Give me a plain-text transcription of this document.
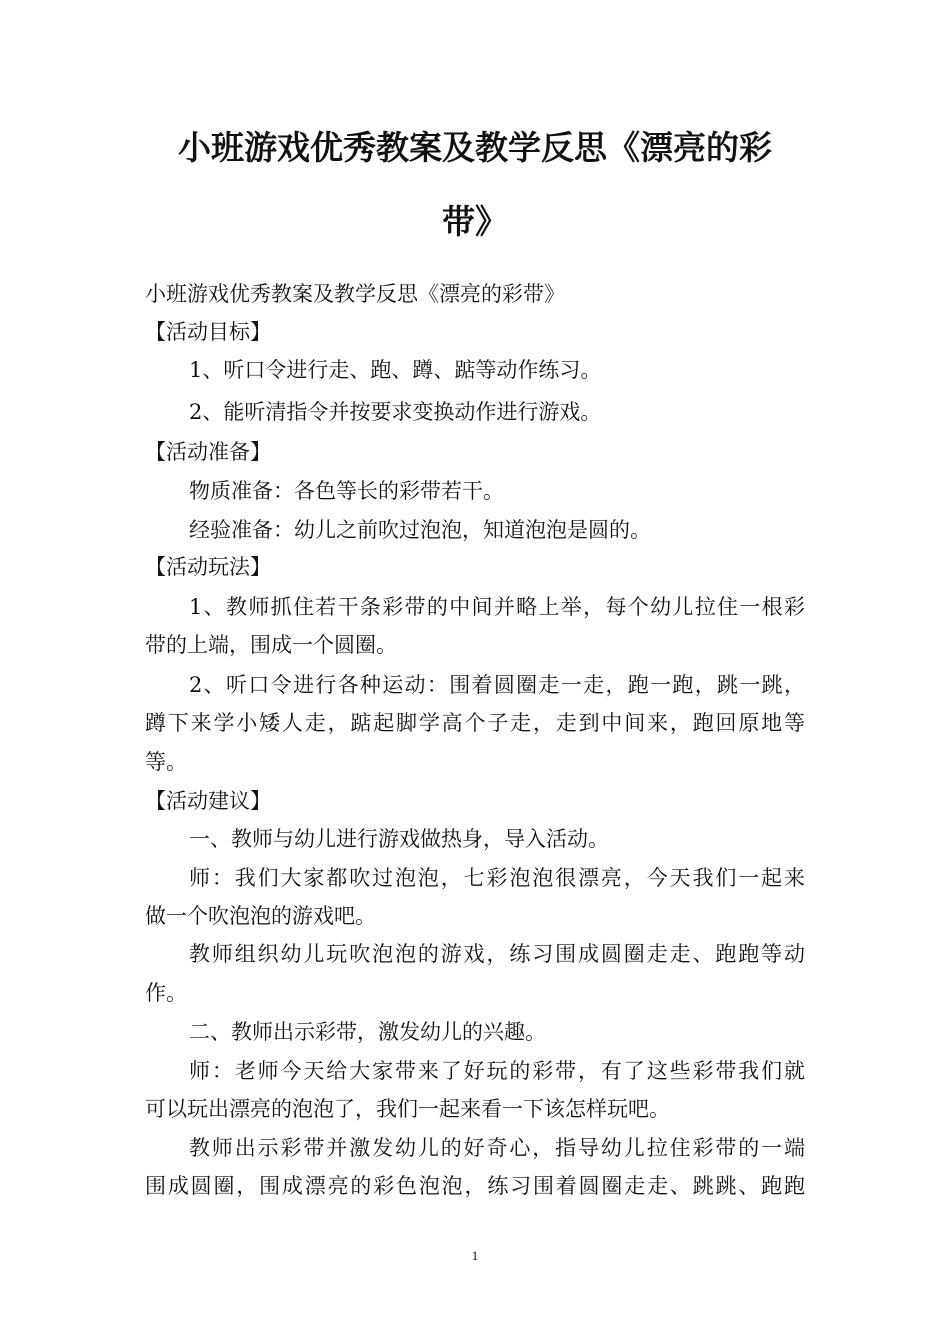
小班游戏优秀教案及教学反思《漂亮的彩
带》
小班游戏优秀教案及教学反思《漂亮的彩带》
【活动目标】
1、听口令进行走、跑、蹲、踮等动作练习。
2、能听清指令并按要求变换动作进行游戏。
【活动准备】
物质准备：各色等长的彩带若干。
经验准备：幼儿之前吹过泡泡，知道泡泡是圆的。
【活动玩法】
1、教师抓住若干条彩带的中间并略上举，每个幼儿拉住一根彩
带的上端，围成一个圆圈。
2、听口令进行各种运动：围着圆圈走一走，跑一跑，跳一跳，
蹲下来学小矮人走，踮起脚学高个子走，走到中间来，跑回原地等
等。
【活动建议】
一、教师与幼儿进行游戏做热身，导入活动。
师：我们大家都吹过泡泡，七彩泡泡很漂亮，今天我们一起来
做一个吹泡泡的游戏吧。
教师组织幼儿玩吹泡泡的游戏，练习围成圆圈走走、跑跑等动
作。
二、教师出示彩带，激发幼儿的兴趣。
师：老师今天给大家带来了好玩的彩带，有了这些彩带我们就
可以玩出漂亮的泡泡了，我们一起来看一下该怎样玩吧。
教师出示彩带并激发幼儿的好奇心，指导幼儿拉住彩带的一端
围成圆圈，围成漂亮的彩色泡泡，练习围着圆圈走走、跳跳、跑跑
1
